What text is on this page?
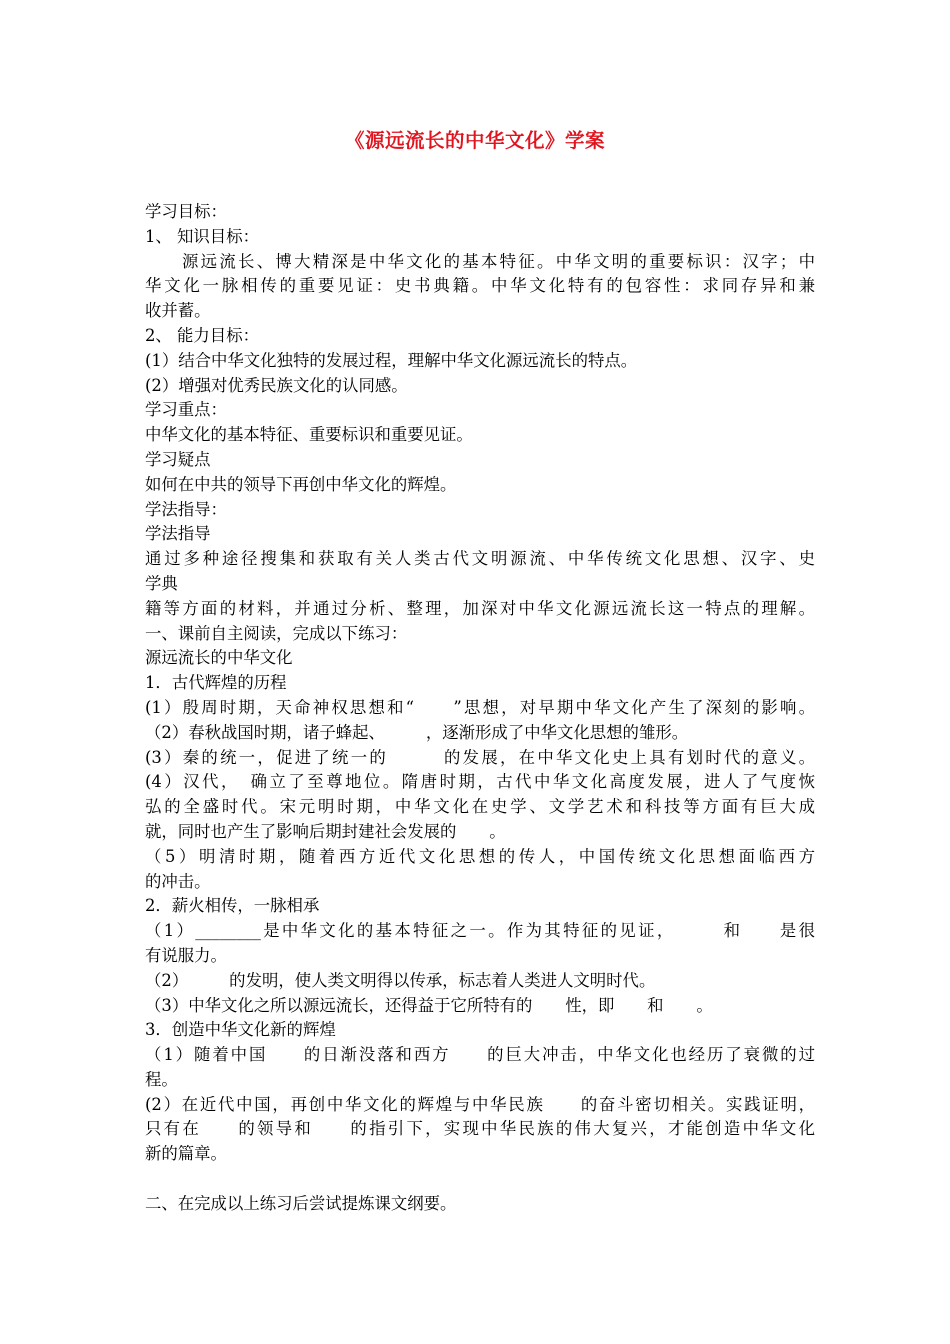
《源远流长的中华文化》学案
学习目标：
1、 知识目标：
源远流长、博大精深是中华文化的基本特征。中华文明的重要标识：汉字；中
华文化一脉相传的重要见证：史书典籍。中华文化特有的包容性：求同存异和兼
收并蓄。
2、 能力目标：
(1）结合中华文化独特的发展过程，理解中华文化源远流长的特点。
(2）增强对优秀民族文化的认同感。
学习重点：
中华文化的基本特征、重要标识和重要见证。
学习疑点
如何在中共的领导下再创中华文化的辉煌。
学法指导：
学法指导
通过多种途径搜集和获取有关人类古代文明源流、中华传统文化思想、汉字、史
学典
籍等方面的材料，并通过分析、整理，加深对中华文化源远流长这一特点的理解。
一、课前自主阅读，完成以下练习：
源远流长的中华文化
1．古代辉煌的历程
(1）殷周时期，天命神权思想和“　　”思想，对早期中华文化产生了深刻的影响。
（2）春秋战国时期，诸子蜂起、　　　，逐渐形成了中华文化思想的雏形。
(3）秦的统一，促进了统一的　　　的发展，在中华文化史上具有划时代的意义。
(4）汉代，　确立了至尊地位。隋唐时期，古代中华文化高度发展，进人了气度恢
弘的全盛时代。宋元明时期，中华文化在史学、文学艺术和科技等方面有巨大成
就，同时也产生了影响后期封建社会发展的　　。
（5）明清时期，随着西方近代文化思想的传人，中国传统文化思想面临西方
的冲击。
2．薪火相传，一脉相承
（1）________是中华文化的基本特征之一。作为其特征的见证，　　　和　　是很
有说服力。
（2）　　　的发明，使人类文明得以传承，标志着人类进人文明时代。
（3）中华文化之所以源远流长，还得益于它所特有的　　性，即　　和　　。
3．创造中华文化新的辉煌
（1）随着中国　　的日渐没落和西方　　的巨大冲击，中华文化也经历了衰微的过
程。
(2）在近代中国，再创中华文化的辉煌与中华民族　　的奋斗密切相关。实践证明，
只有在　　的领导和　　的指引下，实现中华民族的伟大复兴，才能创造中华文化
新的篇章。
二、在完成以上练习后尝试提炼课文纲要。
